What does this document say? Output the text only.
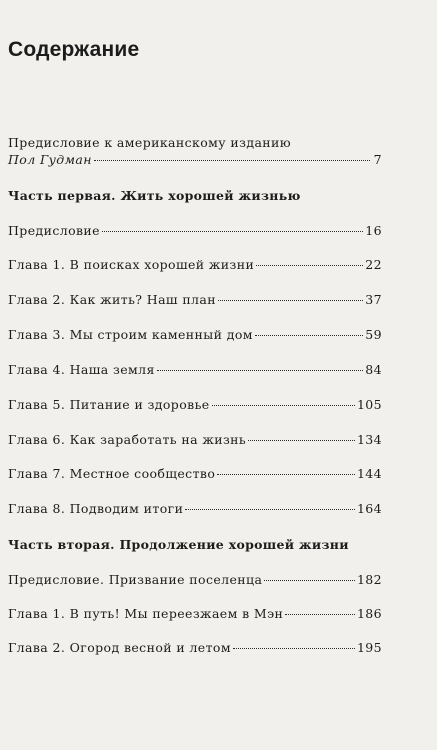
Содержание
Предисловие к американскому изданию
Пол Гудман	7
Часть первая. Жить хорошей жизнью
Предисловие	16
Глава 1. В поисках хорошей жизни	22
Глава 2. Как жить? Наш план	37
Глава 3. Мы строим каменный дом	59
Глава 4. Наша земля	84
Глава 5. Питание и здоровье	105
Глава 6. Как заработать на жизнь	134
Глава 7. Местное сообщество	144
Глава 8. Подводим итоги	164
Часть вторая. Продолжение хорошей жизни
Предисловие. Призвание поселенца	182
Глава 1. В путь! Мы переезжаем в Мэн	186
Глава 2. Огород весной и летом	195
